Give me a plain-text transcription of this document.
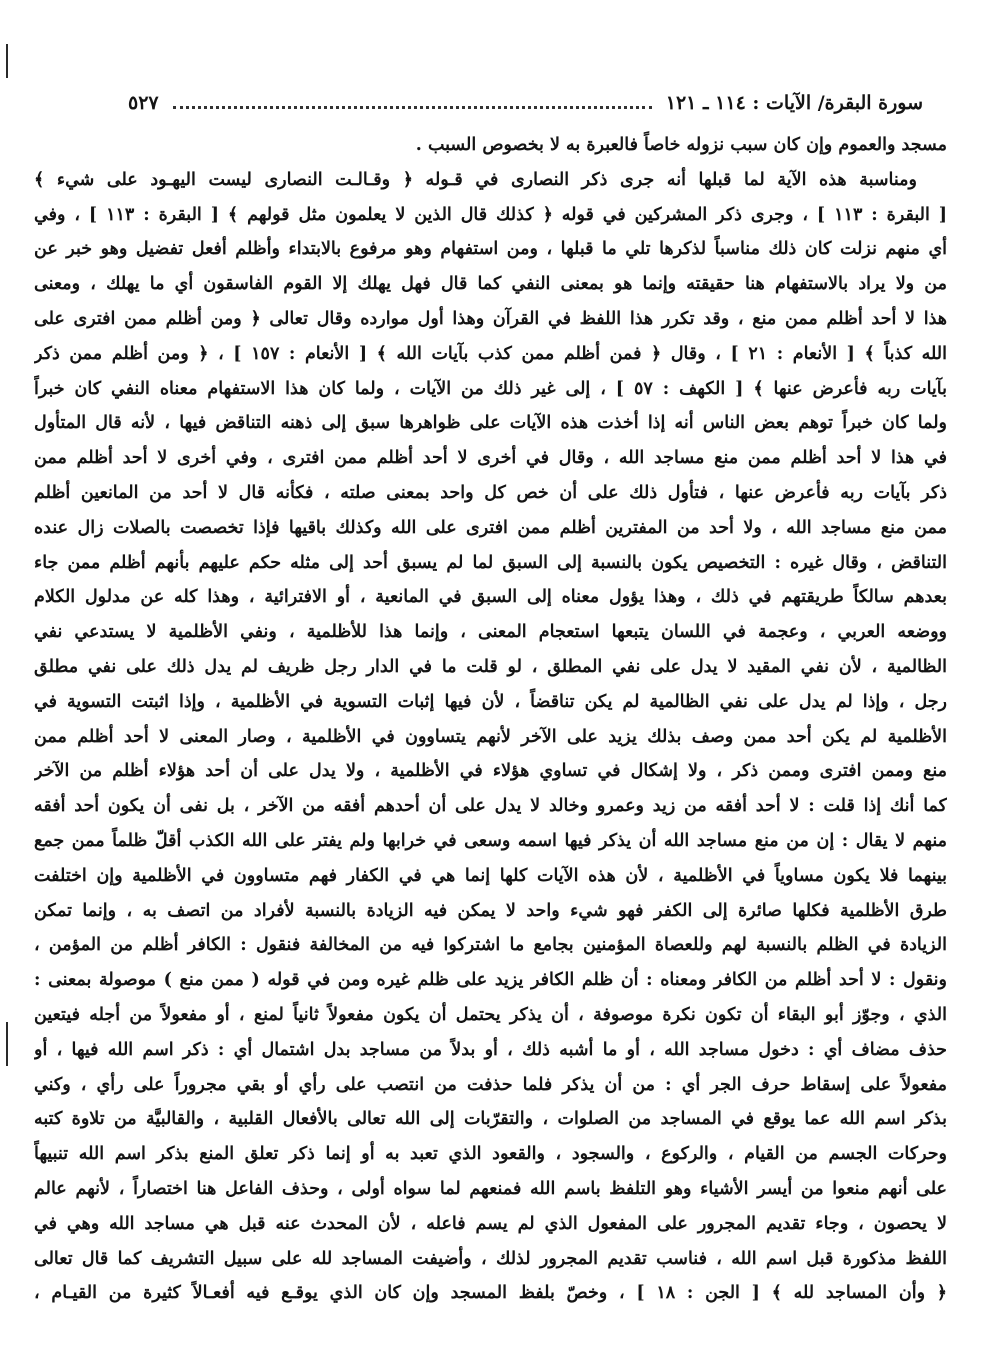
سورة البقرة/ الآيات : ١١٤ ـ ١٢١
٥٢٧
مسجد والعموم وإن كان سبب نزوله خاصاً فالعبرة به لا بخصوص السبب .
ومناسبة هذه الآية لما قبلها أنه جرى ذكر النصارى في قـوله ﴿ وقـالـت النصارى ليست اليهـود على شيء ﴾
[ البقرة : ١١٣ ] ، وجرى ذكر المشركين في قوله ﴿ كذلك قال الذين لا يعلمون مثل قولهم ﴾ [ البقرة : ١١٣ ] ، وفي
أي منهم نزلت كان ذلك مناسباً لذكرها تلي ما قبلها ، ومن استفهام وهو مرفوع بالابتداء وأظلم أفعل تفضيل وهو خبر عن
من ولا يراد بالاستفهام هنا حقيقته وإنما هو بمعنى النفي كما قال فهل يهلك إلا القوم الفاسقون أي ما يهلك ، ومعنى
هذا لا أحد أظلم ممن منع ، وقد تكرر هذا اللفظ في القرآن وهذا أول موارده وقال تعالى ﴿ ومن أظلم ممن افترى على
الله كذباً ﴾ [ الأنعام : ٢١ ] ، وقال ﴿ فمن أظلم ممن كذب بآيات الله ﴾ [ الأنعام : ١٥٧ ] ، ﴿ ومن أظلم ممن ذكر
بآيات ربه فأعرض عنها ﴾ [ الكهف : ٥٧ ] ، إلى غير ذلك من الآيات ، ولما كان هذا الاستفهام معناه النفي كان خبراً
ولما كان خبراً توهم بعض الناس أنه إذا أخذت هذه الآيات على ظواهرها سبق إلى ذهنه التناقض فيها ، لأنه قال المتأول
في هذا لا أحد أظلم ممن منع مساجد الله ، وقال في أخرى لا أحد أظلم ممن افترى ، وفي أخرى لا أحد أظلم ممن
ذكر بآيات ربه فأعرض عنها ، فتأول ذلك على أن خص كل واحد بمعنى صلته ، فكأنه قال لا أحد من المانعين أظلم
ممن منع مساجد الله ، ولا أحد من المفترين أظلم ممن افترى على الله وكذلك باقيها فإذا تخصصت بالصلات زال عنده
التناقض ، وقال غيره : التخصيص يكون بالنسبة إلى السبق لما لم يسبق أحد إلى مثله حكم عليهم بأنهم أظلم ممن جاء
بعدهم سالكاً طريقتهم في ذلك ، وهذا يؤول معناه إلى السبق في المانعية ، أو الافترائية ، وهذا كله عن مدلول الكلام
ووضعه العربي ، وعجمة في اللسان يتبعها استعجام المعنى ، وإنما هذا للأظلمية ، ونفي الأظلمية لا يستدعي نفي
الظالمية ، لأن نفي المقيد لا يدل على نفي المطلق ، لو قلت ما في الدار رجل ظريف لم يدل ذلك على نفي مطلق
رجل ، وإذا لم يدل على نفي الظالمية لم يكن تناقضاً ، لأن فيها إثبات التسوية في الأظلمية ، وإذا اثبتت التسوية في
الأظلمية لم يكن أحد ممن وصف بذلك يزيد على الآخر لأنهم يتساوون في الأظلمية ، وصار المعنى لا أحد أظلم ممن
منع وممن افترى وممن ذكر ، ولا إشكال في تساوي هؤلاء في الأظلمية ، ولا يدل على أن أحد هؤلاء أظلم من الآخر
كما أنك إذا قلت : لا أحد أفقه من زيد وعمرو وخالد لا يدل على أن أحدهم أفقه من الآخر ، بل نفى أن يكون أحد أفقه
منهم لا يقال : إن من منع مساجد الله أن يذكر فيها اسمه وسعى في خرابها ولم يفتر على الله الكذب أقلّ ظلماً ممن جمع
بينهما فلا يكون مساوياً في الأظلمية ، لأن هذه الآيات كلها إنما هي في الكفار فهم متساوون في الأظلمية وإن اختلفت
طرق الأظلمية فكلها صائرة إلى الكفر فهو شيء واحد لا يمكن فيه الزيادة بالنسبة لأفراد من اتصف به ، وإنما تمكن
الزيادة في الظلم بالنسبة لهم وللعصاة المؤمنين بجامع ما اشتركوا فيه من المخالفة فنقول : الكافر أظلم من المؤمن ،
ونقول : لا أحد أظلم من الكافر ومعناه : أن ظلم الكافر يزيد على ظلم غيره ومن في قوله ( ممن منع ) موصولة بمعنى :
الذي ، وجوّز أبو البقاء أن تكون نكرة موصوفة ، أن يذكر يحتمل أن يكون مفعولاً ثانياً لمنع ، أو مفعولاً من أجله فيتعين
حذف مضاف أي : دخول مساجد الله ، أو ما أشبه ذلك ، أو بدلاً من مساجد بدل اشتمال أي : ذكر اسم الله فيها ، أو
مفعولاً على إسقاط حرف الجر أي : من أن يذكر فلما حذفت من انتصب على رأي أو بقي مجروراً على رأي ، وكني
بذكر اسم الله عما يوقع في المساجد من الصلوات ، والتقرّبات إلى الله تعالى بالأفعال القلبية ، والقالبيَّة من تلاوة كتبه
وحركات الجسم من القيام ، والركوع ، والسجود ، والقعود الذي تعبد به أو إنما ذكر تعلق المنع بذكر اسم الله تنبيهاً
على أنهم منعوا من أيسر الأشياء وهو التلفظ باسم الله فمنعهم لما سواه أولى ، وحذف الفاعل هنا اختصاراً ، لأنهم عالم
لا يحصون ، وجاء تقديم المجرور على المفعول الذي لم يسم فاعله ، لأن المحدث عنه قبل هي مساجد الله وهي في
اللفظ مذكورة قبل اسم الله ، فناسب تقديم المجرور لذلك ، وأضيفت المساجد لله على سبيل التشريف كما قال تعالى
﴿ وأن المساجد لله ﴾ [ الجن : ١٨ ] ، وخصّ بلفظ المسجد وإن كان الذي يوقـع فيه أفعـالاً كثيرة من القيـام ،
